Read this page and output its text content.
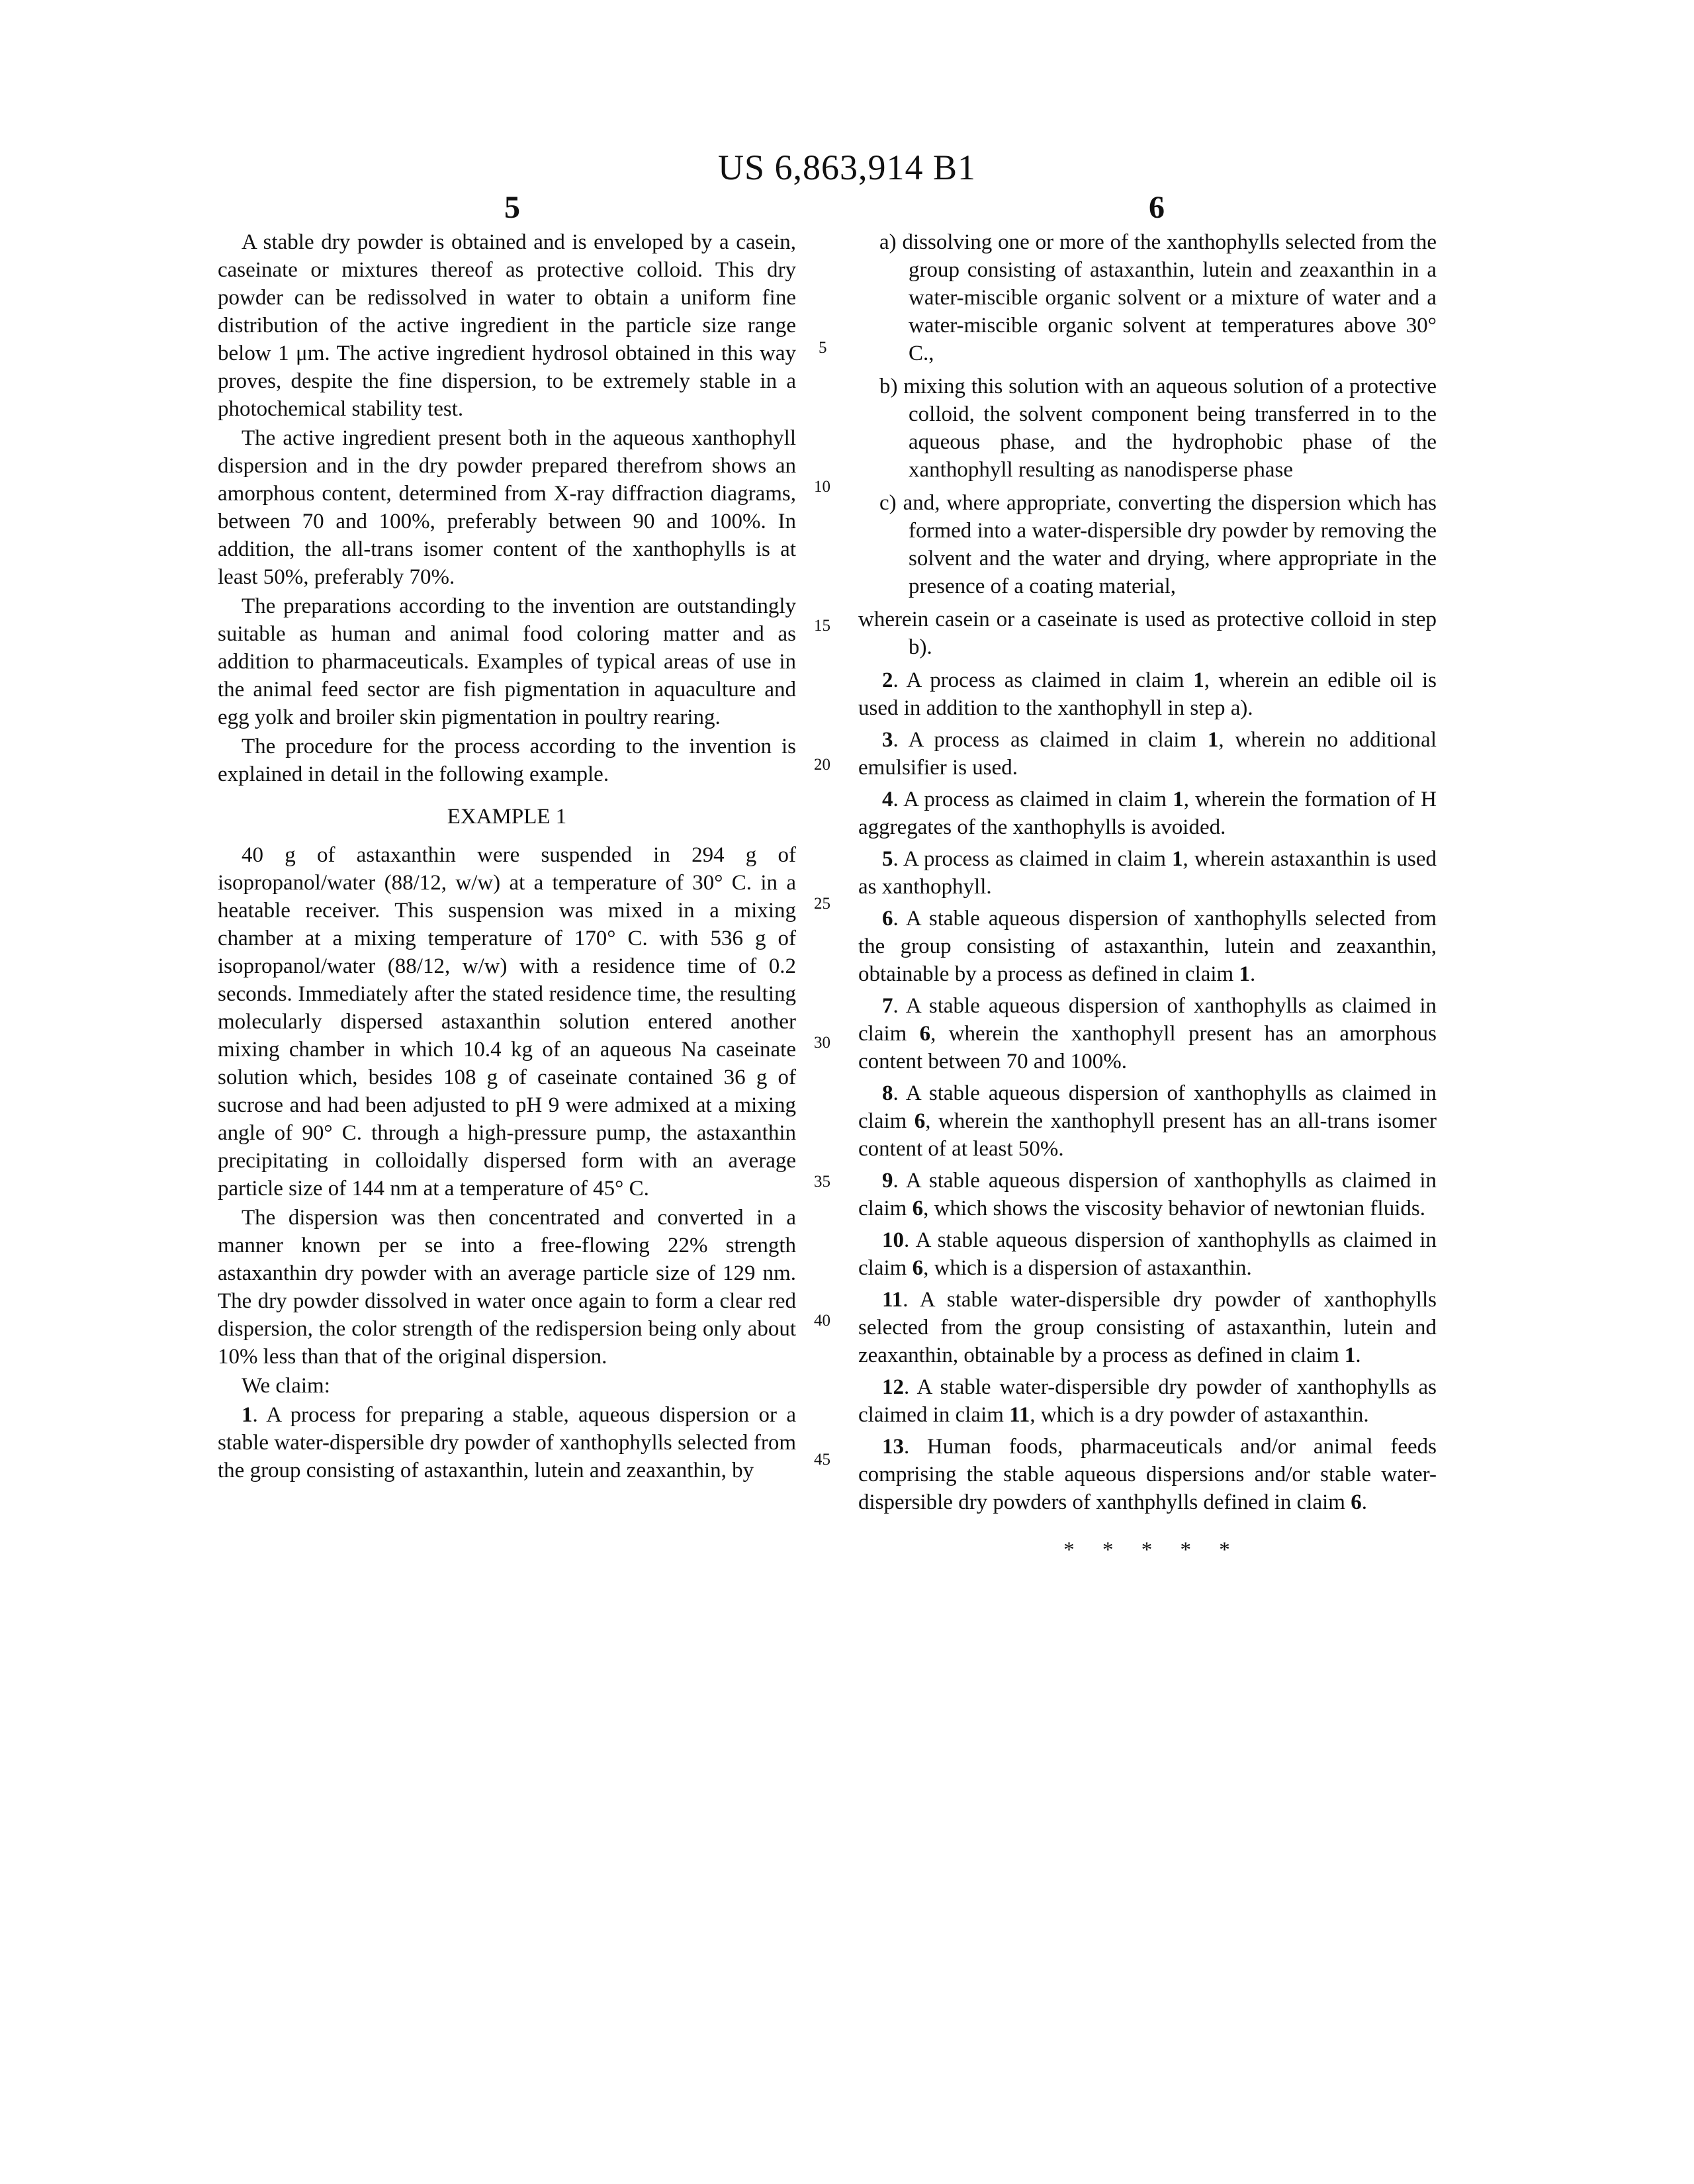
US 6,863,914 B1
5	6
5
10
15
20
25
30
35
40
45

A stable dry powder is obtained and is enveloped by a casein, caseinate or mixtures thereof as protective colloid. This dry powder can be redissolved in water to obtain a uniform fine distribution of the active ingredient in the particle size range below 1 μm. The active ingredient hydrosol obtained in this way proves, despite the fine dispersion, to be extremely stable in a photochemical stability test.

The active ingredient present both in the aqueous xanthophyll dispersion and in the dry powder prepared therefrom shows an amorphous content, determined from X-ray diffraction diagrams, between 70 and 100%, preferably between 90 and 100%. In addition, the all-trans isomer content of the xanthophylls is at least 50%, preferably 70%.

The preparations according to the invention are outstandingly suitable as human and animal food coloring matter and as addition to pharmaceuticals. Examples of typical areas of use in the animal feed sector are fish pigmentation in aquaculture and egg yolk and broiler skin pigmentation in poultry rearing.

The procedure for the process according to the invention is explained in detail in the following example.

EXAMPLE 1

40 g of astaxanthin were suspended in 294 g of isopropanol/water (88/12, w/w) at a temperature of 30° C. in a heatable receiver. This suspension was mixed in a mixing chamber at a mixing temperature of 170° C. with 536 g of isopropanol/water (88/12, w/w) with a residence time of 0.2 seconds. Immediately after the stated residence time, the resulting molecularly dispersed astaxanthin solution entered another mixing chamber in which 10.4 kg of an aqueous Na caseinate solution which, besides 108 g of caseinate contained 36 g of sucrose and had been adjusted to pH 9 were admixed at a mixing angle of 90° C. through a high-pressure pump, the astaxanthin precipitating in colloidally dispersed form with an average particle size of 144 nm at a temperature of 45° C.

The dispersion was then concentrated and converted in a manner known per se into a free-flowing 22% strength astaxanthin dry powder with an average particle size of 129 nm. The dry powder dissolved in water once again to form a clear red dispersion, the color strength of the redispersion being only about 10% less than that of the original dispersion.

We claim:

1. A process for preparing a stable, aqueous dispersion or a stable water-dispersible dry powder of xanthophylls selected from the group consisting of astaxanthin, lutein and zeaxanthin, by

a) dissolving one or more of the xanthophylls selected from the group consisting of astaxanthin, lutein and zeaxanthin in a water-miscible organic solvent or a mixture of water and a water-miscible organic solvent at temperatures above 30° C.,

b) mixing this solution with an aqueous solution of a protective colloid, the solvent component being transferred in to the aqueous phase, and the hydrophobic phase of the xanthophyll resulting as nanodisperse phase

c) and, where appropriate, converting the dispersion which has formed into a water-dispersible dry powder by removing the solvent and the water and drying, where appropriate in the presence of a coating material,

wherein casein or a caseinate is used as protective colloid in step b).

2. A process as claimed in claim 1, wherein an edible oil is used in addition to the xanthophyll in step a).

3. A process as claimed in claim 1, wherein no additional emulsifier is used.

4. A process as claimed in claim 1, wherein the formation of H aggregates of the xanthophylls is avoided.

5. A process as claimed in claim 1, wherein astaxanthin is used as xanthophyll.

6. A stable aqueous dispersion of xanthophylls selected from the group consisting of astaxanthin, lutein and zeaxanthin, obtainable by a process as defined in claim 1.

7. A stable aqueous dispersion of xanthophylls as claimed in claim 6, wherein the xanthophyll present has an amorphous content between 70 and 100%.

8. A stable aqueous dispersion of xanthophylls as claimed in claim 6, wherein the xanthophyll present has an all-trans isomer content of at least 50%.

9. A stable aqueous dispersion of xanthophylls as claimed in claim 6, which shows the viscosity behavior of newtonian fluids.

10. A stable aqueous dispersion of xanthophylls as claimed in claim 6, which is a dispersion of astaxanthin.

11. A stable water-dispersible dry powder of xanthophylls selected from the group consisting of astaxanthin, lutein and zeaxanthin, obtainable by a process as defined in claim 1.

12. A stable water-dispersible dry powder of xanthophylls as claimed in claim 11, which is a dry powder of astaxanthin.

13. Human foods, pharmaceuticals and/or animal feeds comprising the stable aqueous dispersions and/or stable water-dispersible dry powders of xanthphylls defined in claim 6.

* * * * *
